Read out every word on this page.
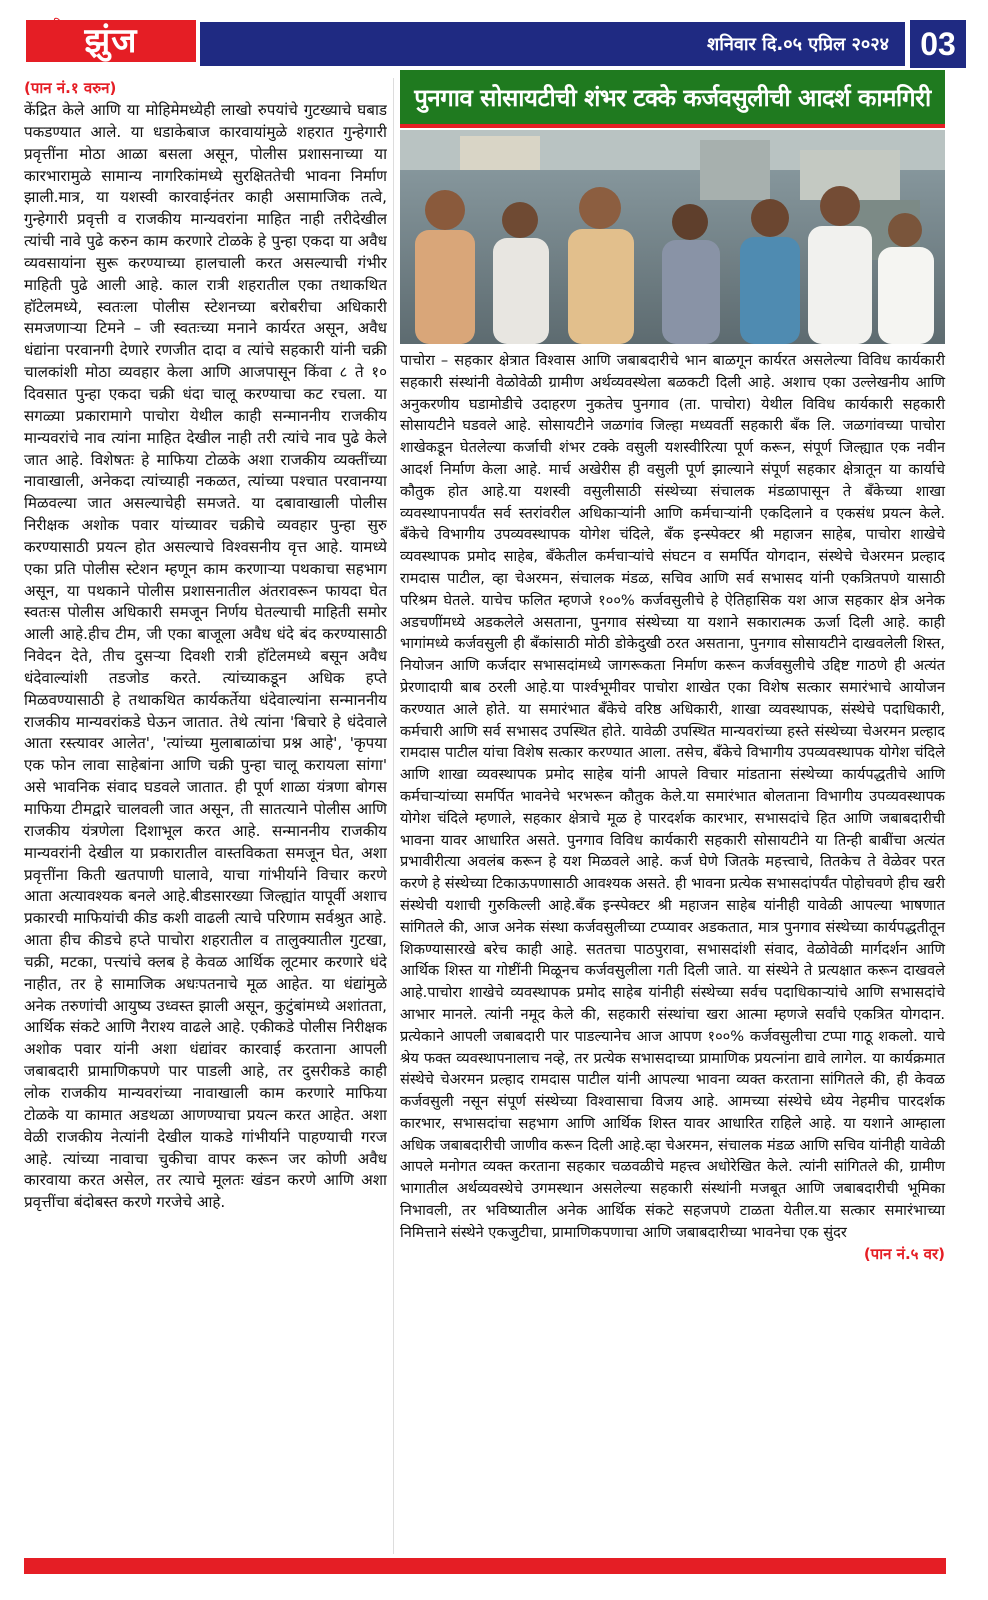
झुंज	शनिवार दि.०५ एप्रिल २०२४ 03

(पान नं.१ वरुन)

केंद्रित केले आणि या मोहिमेमध्येही लाखो रुपयांचे गुटख्याचे घबाड पकडण्यात आले. या धडाकेबाज कारवायांमुळे शहरात गुन्हेगारी प्रवृत्तींना मोठा आळा बसला असून, पोलीस प्रशासनाच्या या कारभारामुळे सामान्य नागरिकांमध्ये सुरक्षिततेची भावना निर्माण झाली.मात्र, या यशस्वी कारवाईनंतर काही असामाजिक तत्वे, गुन्हेगारी प्रवृत्ती व राजकीय मान्यवरांना माहित नाही तरीदेखील त्यांची नावे पुढे करुन काम करणारे टोळके हे पुन्हा एकदा या अवैध व्यवसायांना सुरू करण्याच्या हालचाली करत असल्याची गंभीर माहिती पुढे आली आहे. काल रात्री शहरातील एका तथाकथित हॉटेलमध्ये, स्वतःला पोलीस स्टेशनच्या बरोबरीचा अधिकारी समजणाऱ्या टिमने – जी स्वतःच्या मनाने कार्यरत असून, अवैध धंद्यांना परवानगी देणारे रणजीत दादा व त्यांचे सहकारी यांनी चक्री चालकांशी मोठा व्यवहार केला आणि आजपासून किंवा ८ ते १० दिवसात पुन्हा एकदा चक्री धंदा चालू करण्याचा कट रचला. या सगळ्या प्रकारामागे पाचोरा येथील काही सन्माननीय राजकीय मान्यवरांचे नाव त्यांना माहित देखील नाही तरी त्यांचे नाव पुढे केले जात आहे. विशेषतः हे माफिया टोळके अशा राजकीय व्यक्तींच्या नावाखाली, अनेकदा त्यांच्याही नकळत, त्यांच्या पश्चात परवानग्या मिळवल्या जात असल्याचेही समजते. या दबावाखाली पोलीस निरीक्षक अशोक पवार यांच्यावर चक्रीचे व्यवहार पुन्हा सुरु करण्यासाठी प्रयत्न होत असल्याचे विश्वसनीय वृत्त आहे. यामध्ये एका प्रति पोलीस स्टेशन म्हणून काम करणाऱ्या पथकाचा सहभाग असून, या पथकाने पोलीस प्रशासनातील अंतरावरून फायदा घेत स्वतःस पोलीस अधिकारी समजून निर्णय घेतल्याची माहिती समोर आली आहे.हीच टीम, जी एका बाजूला अवैध धंदे बंद करण्यासाठी निवेदन देते, तीच दुसऱ्या दिवशी रात्री हॉटेलमध्ये बसून अवैध धंदेवाल्यांशी तडजोड करते. त्यांच्याकडून अधिक हप्ते मिळवण्यासाठी हे तथाकथित कार्यकर्तेया धंदेवाल्यांना सन्माननीय राजकीय मान्यवरांकडे घेऊन जातात. तेथे त्यांना 'बिचारे हे धंदेवाले आता रस्त्यावर आलेत', 'त्यांच्या मुलाबाळांचा प्रश्न आहे', 'कृपया एक फोन लावा साहेबांना आणि चक्री पुन्हा चालू करायला सांगा' असे भावनिक संवाद घडवले जातात. ही पूर्ण शाळा यंत्रणा बोगस माफिया टीमद्वारे चालवली जात असून, ती सातत्याने पोलीस आणि राजकीय यंत्रणेला दिशाभूल करत आहे. सन्माननीय राजकीय मान्यवरांनी देखील या प्रकारातील वास्तविकता समजून घेत, अशा प्रवृत्तींना किती खतपाणी घालावे, याचा गांभीर्याने विचार करणे आता अत्यावश्यक बनले आहे.बीडसारख्या जिल्ह्यांत यापूर्वी अशाच प्रकारची माफियांची कीड कशी वाढली त्याचे परिणाम सर्वश्रुत आहे. आता हीच कीडचे हप्ते पाचोरा शहरातील व तालुक्यातील गुटखा, चक्री, मटका, पत्त्यांचे क्लब हे केवळ आर्थिक लूटमार करणारे धंदे नाहीत, तर हे सामाजिक अधःपतनाचे मूळ आहेत. या धंद्यांमुळे अनेक तरुणांची आयुष्य उध्वस्त झाली असून, कुटुंबांमध्ये अशांतता, आर्थिक संकटे आणि नैराश्य वाढले आहे. एकीकडे पोलीस निरीक्षक अशोक पवार यांनी अशा धंद्यांवर कारवाई करताना आपली जबाबदारी प्रामाणिकपणे पार पाडली आहे, तर दुसरीकडे काही लोक राजकीय मान्यवरांच्या नावाखाली काम करणारे माफिया टोळके या कामात अडथळा आणण्याचा प्रयत्न करत आहेत. अशा वेळी राजकीय नेत्यांनी देखील याकडे गांभीर्याने पाहण्याची गरज आहे. त्यांच्या नावाचा चुकीचा वापर करून जर कोणी अवैध कारवाया करत असेल, तर त्याचे मूलतः खंडन करणे आणि अशा प्रवृत्तींचा बंदोबस्त करणे गरजेचे आहे.

पुनगाव सोसायटीची शंभर टक्के कर्जवसुलीची आदर्श कामगिरी

पाचोरा – सहकार क्षेत्रात विश्वास आणि जबाबदारीचे भान बाळगून कार्यरत असलेल्या विविध कार्यकारी सहकारी संस्थांनी वेळोवेळी ग्रामीण अर्थव्यवस्थेला बळकटी दिली आहे. अशाच एका उल्लेखनीय आणि अनुकरणीय घडामोडीचे उदाहरण नुकतेच पुनगाव (ता. पाचोरा) येथील विविध कार्यकारी सहकारी सोसायटीने घडवले आहे. सोसायटीने जळगांव जिल्हा मध्यवर्ती सहकारी बँक लि. जळगांवच्या पाचोरा शाखेकडून घेतलेल्या कर्जाची शंभर टक्के वसुली यशस्वीरित्या पूर्ण करून, संपूर्ण जिल्ह्यात एक नवीन आदर्श निर्माण केला आहे. मार्च अखेरीस ही वसुली पूर्ण झाल्याने संपूर्ण सहकार क्षेत्रातून या कार्याचे कौतुक होत आहे.या यशस्वी वसुलीसाठी संस्थेच्या संचालक मंडळापासून ते बँकेच्या शाखा व्यवस्थापनापर्यंत सर्व स्तरांवरील अधिकाऱ्यांनी आणि कर्मचाऱ्यांनी एकदिलाने व एकसंध प्रयत्न केले. बँकेचे विभागीय उपव्यवस्थापक योगेश चंदिले, बँक इन्स्पेक्टर श्री महाजन साहेब, पाचोरा शाखेचे व्यवस्थापक प्रमोद साहेब, बँकेतील कर्मचाऱ्यांचे संघटन व समर्पित योगदान, संस्थेचे चेअरमन प्रल्हाद रामदास पाटील, व्हा चेअरमन, संचालक मंडळ, सचिव आणि सर्व सभासद यांनी एकत्रितपणे यासाठी परिश्रम घेतले. याचेच फलित म्हणजे १००% कर्जवसुलीचे हे ऐतिहासिक यश आज सहकार क्षेत्र अनेक अडचणींमध्ये अडकलेले असताना, पुनगाव संस्थेच्या या यशाने सकारात्मक ऊर्जा दिली आहे. काही भागांमध्ये कर्जवसुली ही बँकांसाठी मोठी डोकेदुखी ठरत असताना, पुनगाव सोसायटीने दाखवलेली शिस्त, नियोजन आणि कर्जदार सभासदांमध्ये जागरूकता निर्माण करून कर्जवसुलीचे उद्दिष्ट गाठणे ही अत्यंत प्रेरणादायी बाब ठरली आहे.या पार्श्वभूमीवर पाचोरा शाखेत एका विशेष सत्कार समारंभाचे आयोजन करण्यात आले होते. या समारंभात बँकेचे वरिष्ठ अधिकारी, शाखा व्यवस्थापक, संस्थेचे पदाधिकारी, कर्मचारी आणि सर्व सभासद उपस्थित होते. यावेळी उपस्थित मान्यवरांच्या हस्ते संस्थेच्या चेअरमन प्रल्हाद रामदास पाटील यांचा विशेष सत्कार करण्यात आला. तसेच, बँकेचे विभागीय उपव्यवस्थापक योगेश चंदिले आणि शाखा व्यवस्थापक प्रमोद साहेब यांनी आपले विचार मांडताना संस्थेच्या कार्यपद्धतीचे आणि कर्मचाऱ्यांच्या समर्पित भावनेचे भरभरून कौतुक केले.या समारंभात बोलताना विभागीय उपव्यवस्थापक योगेश चंदिले म्हणाले, सहकार क्षेत्राचे मूळ हे पारदर्शक कारभार, सभासदांचे हित आणि जबाबदारीची भावना यावर आधारित असते. पुनगाव विविध कार्यकारी सहकारी सोसायटीने या तिन्ही बाबींचा अत्यंत प्रभावीरीत्या अवलंब करून हे यश मिळवले आहे. कर्ज घेणे जितके महत्त्वाचे, तितकेच ते वेळेवर परत करणे हे संस्थेच्या टिकाऊपणासाठी आवश्यक असते. ही भावना प्रत्येक सभासदांपर्यंत पोहोचवणे हीच खरी संस्थेची यशाची गुरुकिल्ली आहे.बँक इन्स्पेक्टर श्री महाजन साहेब यांनीही यावेळी आपल्या भाषणात सांगितले की, आज अनेक संस्था कर्जवसुलीच्या टप्प्यावर अडकतात, मात्र पुनगाव संस्थेच्या कार्यपद्धतीतून शिकण्यासारखे बरेच काही आहे. सततचा पाठपुरावा, सभासदांशी संवाद, वेळोवेळी मार्गदर्शन आणि आर्थिक शिस्त या गोष्टींनी मिळूनच कर्जवसुलीला गती दिली जाते. या संस्थेने ते प्रत्यक्षात करून दाखवले आहे.पाचोरा शाखेचे व्यवस्थापक प्रमोद साहेब यांनीही संस्थेच्या सर्वच पदाधिकाऱ्यांचे आणि सभासदांचे आभार मानले. त्यांनी नमूद केले की, सहकारी संस्थांचा खरा आत्मा म्हणजे सर्वांचे एकत्रित योगदान. प्रत्येकाने आपली जबाबदारी पार पाडल्यानेच आज आपण १००% कर्जवसुलीचा टप्पा गाठू शकलो. याचे श्रेय फक्त व्यवस्थापनालाच नव्हे, तर प्रत्येक सभासदाच्या प्रामाणिक प्रयत्नांना द्यावे लागेल. या कार्यक्रमात संस्थेचे चेअरमन प्रल्हाद रामदास पाटील यांनी आपल्या भावना व्यक्त करताना सांगितले की, ही केवळ कर्जवसुली नसून संपूर्ण संस्थेच्या विश्वासाचा विजय आहे. आमच्या संस्थेचे ध्येय नेहमीच पारदर्शक कारभार, सभासदांचा सहभाग आणि आर्थिक शिस्त यावर आधारित राहिले आहे. या यशाने आम्हाला अधिक जबाबदारीची जाणीव करून दिली आहे.व्हा चेअरमन, संचालक मंडळ आणि सचिव यांनीही यावेळी आपले मनोगत व्यक्त करताना सहकार चळवळीचे महत्त्व अधोरेखित केले. त्यांनी सांगितले की, ग्रामीण भागातील अर्थव्यवस्थेचे उगमस्थान असलेल्या सहकारी संस्थांनी मजबूत आणि जबाबदारीची भूमिका निभावली, तर भविष्यातील अनेक आर्थिक संकटे सहजपणे टाळता येतील.या सत्कार समारंभाच्या निमित्ताने संस्थेने एकजुटीचा, प्रामाणिकपणाचा आणि जबाबदारीच्या भावनेचा एक सुंदर

(पान नं.५ वर)
